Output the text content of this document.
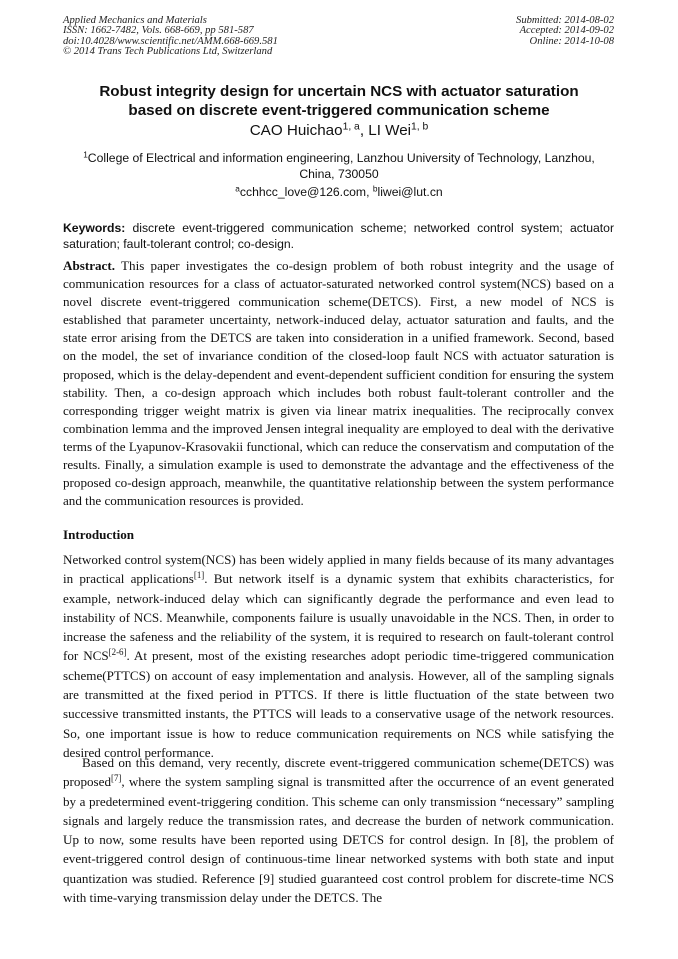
Applied Mechanics and Materials
ISSN: 1662-7482, Vols. 668-669, pp 581-587
doi:10.4028/www.scientific.net/AMM.668-669.581
© 2014 Trans Tech Publications Ltd, Switzerland
Submitted: 2014-08-02
Accepted: 2014-09-02
Online: 2014-10-08
Robust integrity design for uncertain NCS with actuator saturation
based on discrete event-triggered communication scheme
CAO Huichao$^{1, a}$, LI Wei$^{1, b}$
$^1$College of Electrical and information engineering, Lanzhou University of Technology, Lanzhou, China, 730050
$^a$cchhcc_love@126.com, $^b$liwei@lut.cn
Keywords: discrete event-triggered communication scheme; networked control system; actuator saturation; fault-tolerant control; co-design.
Abstract. This paper investigates the co-design problem of both robust integrity and the usage of communication resources for a class of actuator-saturated networked control system(NCS) based on a novel discrete event-triggered communication scheme(DETCS). First, a new model of NCS is established that parameter uncertainty, network-induced delay, actuator saturation and faults, and the state error arising from the DETCS are taken into consideration in a unified framework. Second, based on the model, the set of invariance condition of the closed-loop fault NCS with actuator saturation is proposed, which is the delay-dependent and event-dependent sufficient condition for ensuring the system stability. Then, a co-design approach which includes both robust fault-tolerant controller and the corresponding trigger weight matrix is given via linear matrix inequalities. The reciprocally convex combination lemma and the improved Jensen integral inequality are employed to deal with the derivative terms of the Lyapunov-Krasovakii functional, which can reduce the conservatism and computation of the results. Finally, a simulation example is used to demonstrate the advantage and the effectiveness of the proposed co-design approach, meanwhile, the quantitative relationship between the system performance and the communication resources is provided.
Introduction
Networked control system(NCS) has been widely applied in many fields because of its many advantages in practical applications[1]. But network itself is a dynamic system that exhibits characteristics, for example, network-induced delay which can significantly degrade the performance and even lead to instability of NCS. Meanwhile, components failure is usually unavoidable in the NCS. Then, in order to increase the safeness and the reliability of the system, it is required to research on fault-tolerant control for NCS[2-6]. At present, most of the existing researches adopt periodic time-triggered communication scheme(PTTCS) on account of easy implementation and analysis. However, all of the sampling signals are transmitted at the fixed period in PTTCS. If there is little fluctuation of the state between two successive transmitted instants, the PTTCS will leads to a conservative usage of the network resources. So, one important issue is how to reduce communication requirements on NCS while satisfying the desired control performance.
Based on this demand, very recently, discrete event-triggered communication scheme(DETCS) was proposed[7], where the system sampling signal is transmitted after the occurrence of an event generated by a predetermined event-triggering condition. This scheme can only transmission “necessary” sampling signals and largely reduce the transmission rates, and decrease the burden of network communication. Up to now, some results have been reported using DETCS for control design. In [8], the problem of event-triggered control design of continuous-time linear networked systems with both state and input quantization was studied. Reference [9] studied guaranteed cost control problem for discrete-time NCS with time-varying transmission delay under the DETCS. The
